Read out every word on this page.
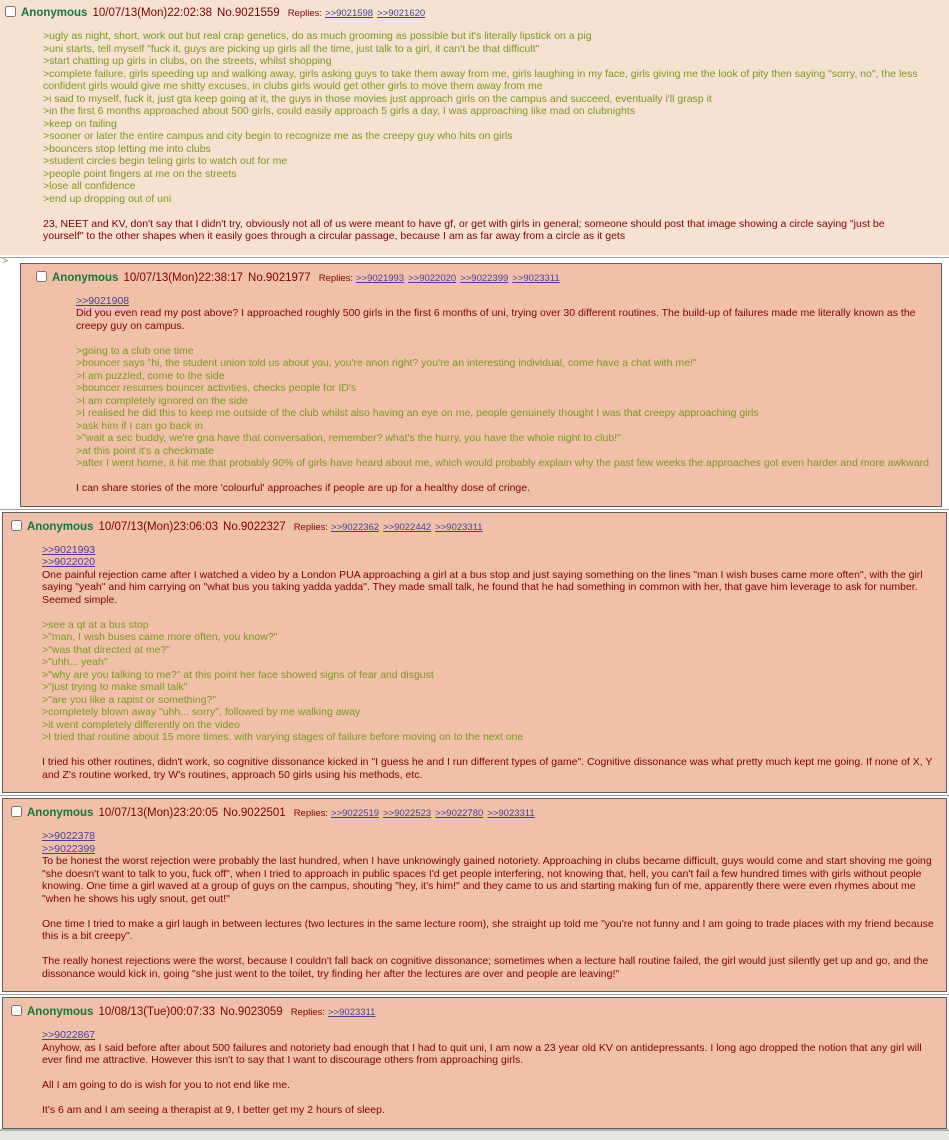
Anonymous 10/07/13(Mon)22:02:38 No.9021559 Replies: >>9021598 >>9021620
>ugly as night, short, work out but real crap genetics, do as much grooming as possible but it's literally lipstick on a pig
>uni starts, tell myself "fuck it, guys are picking up girls all the time, just talk to a girl, it can't be that difficult"
>start chatting up girls in clubs, on the streets, whilst shopping
>complete failure, girls speeding up and walking away, girls asking guys to take them away from me, girls laughing in my face, girls giving me the look of pity then saying "sorry, no", the less confident girls would give me shitty excuses, in clubs girls would get other girls to move them away from me
>i said to myself, fuck it, just gta keep going at it, the guys in those movies just approach girls on the campus and succeed, eventually i'll grasp it
>in the first 6 months approached about 500 girls, could easily approach 5 girls a day, I was approaching like mad on clubnights
>keep on failing
>sooner or later the entire campus and city begin to recognize me as the creepy guy who hits on girls
>bouncers stop letting me into clubs
>student circles begin teling girls to watch out for me
>people point fingers at me on the streets
>lose all confidence
>end up dropping out of uni

23, NEET and KV, don't say that I didn't try, obviously not all of us were meant to have gf, or get with girls in general; someone should post that image showing a circle saying "just be yourself" to the other shapes when it easily goes through a circular passage, because I am as far away from a circle as it gets

>
Anonymous 10/07/13(Mon)22:38:17 No.9021977 Replies: >>9021993 >>9022020 >>9022399 >>9023311
>>9021908
Did you even read my post above? I approached roughly 500 girls in the first 6 months of uni, trying over 30 different routines. The build-up of failures made me literally known as the creepy guy on campus.

>going to a club one time
>bouncer says "hi, the student union told us about you, you're anon right? you're an interesting individual, come have a chat with me!"
>I am puzzled, come to the side
>bouncer resumes bouncer activities, checks people for ID's
>I am completely ignored on the side
>I realised he did this to keep me outside of the club whilst also having an eye on me, people genuinely thought I was that creepy approaching girls
>ask him if I can go back in
>"wait a sec buddy, we're gna have that conversation, remember? what's the hurry, you have the whole night to club!"
>at this point it's a checkmate
>after I went home, it hit me that probably 90% of girls have heard about me, which would probably explain why the past few weeks the approaches got even harder and more awkward

I can share stories of the more 'colourful' approaches if people are up for a healthy dose of cringe.

Anonymous 10/07/13(Mon)23:06:03 No.9022327 Replies: >>9022362 >>9022442 >>9023311
>>9021993
>>9022020
One painful rejection came after I watched a video by a London PUA approaching a girl at a bus stop and just saying something on the lines "man I wish buses came more often", with the girl saying "yeah" and him carrying on "what bus you taking yadda yadda". They made small talk, he found that he had something in common with her, that gave him leverage to ask for number. Seemed simple.

>see a qt at a bus stop
>"man, I wish buses came more often, you know?"
>"was that directed at me?"
>"uhh... yeah"
>"why are you talking to me?" at this point her face showed signs of fear and disgust
>"just trying to make small talk"
>"are you like a rapist or something?"
>completely blown away "uhh... sorry", followed by me walking away
>it went completely differently on the video
>I tried that routine about 15 more times, with varying stages of failure before moving on to the next one

I tried his other routines, didn't work, so cognitive dissonance kicked in "I guess he and I run different types of game". Cognitive dissonance was what pretty much kept me going. If none of X, Y and Z's routine worked, try W's routines, approach 50 girls using his methods, etc.

Anonymous 10/07/13(Mon)23:20:05 No.9022501 Replies: >>9022519 >>9022523 >>9022780 >>9023311
>>9022378
>>9022399
To be honest the worst rejection were probably the last hundred, when I have unknowingly gained notoriety. Approaching in clubs became difficult, guys would come and start shoving me going "she doesn't want to talk to you, fuck off", when I tried to approach in public spaces I'd get people interfering, not knowing that, hell, you can't fail a few hundred times with girls without people knowing. One time a girl waved at a group of guys on the campus, shouting "hey, it's him!" and they came to us and starting making fun of me, apparently there were even rhymes about me "when he shows his ugly snout, get out!"

One time I tried to make a girl laugh in between lectures (two lectures in the same lecture room), she straight up told me "you're not funny and I am going to trade places with my friend because this is a bit creepy".

The really honest rejections were the worst, because I couldn't fall back on cognitive dissonance; sometimes when a lecture hall routine failed, the girl would just silently get up and go, and the dissonance would kick in, going "she just went to the toilet, try finding her after the lectures are over and people are leaving!"

Anonymous 10/08/13(Tue)00:07:33 No.9023059 Replies: >>9023311
>>9022867
Anyhow, as I said before after about 500 failures and notoriety bad enough that I had to quit uni, I am now a 23 year old KV on antidepressants. I long ago dropped the notion that any girl will ever find me attractive. However this isn't to say that I want to discourage others from approaching girls.

All I am going to do is wish for you to not end like me.

It's 6 am and I am seeing a therapist at 9, I better get my 2 hours of sleep.
